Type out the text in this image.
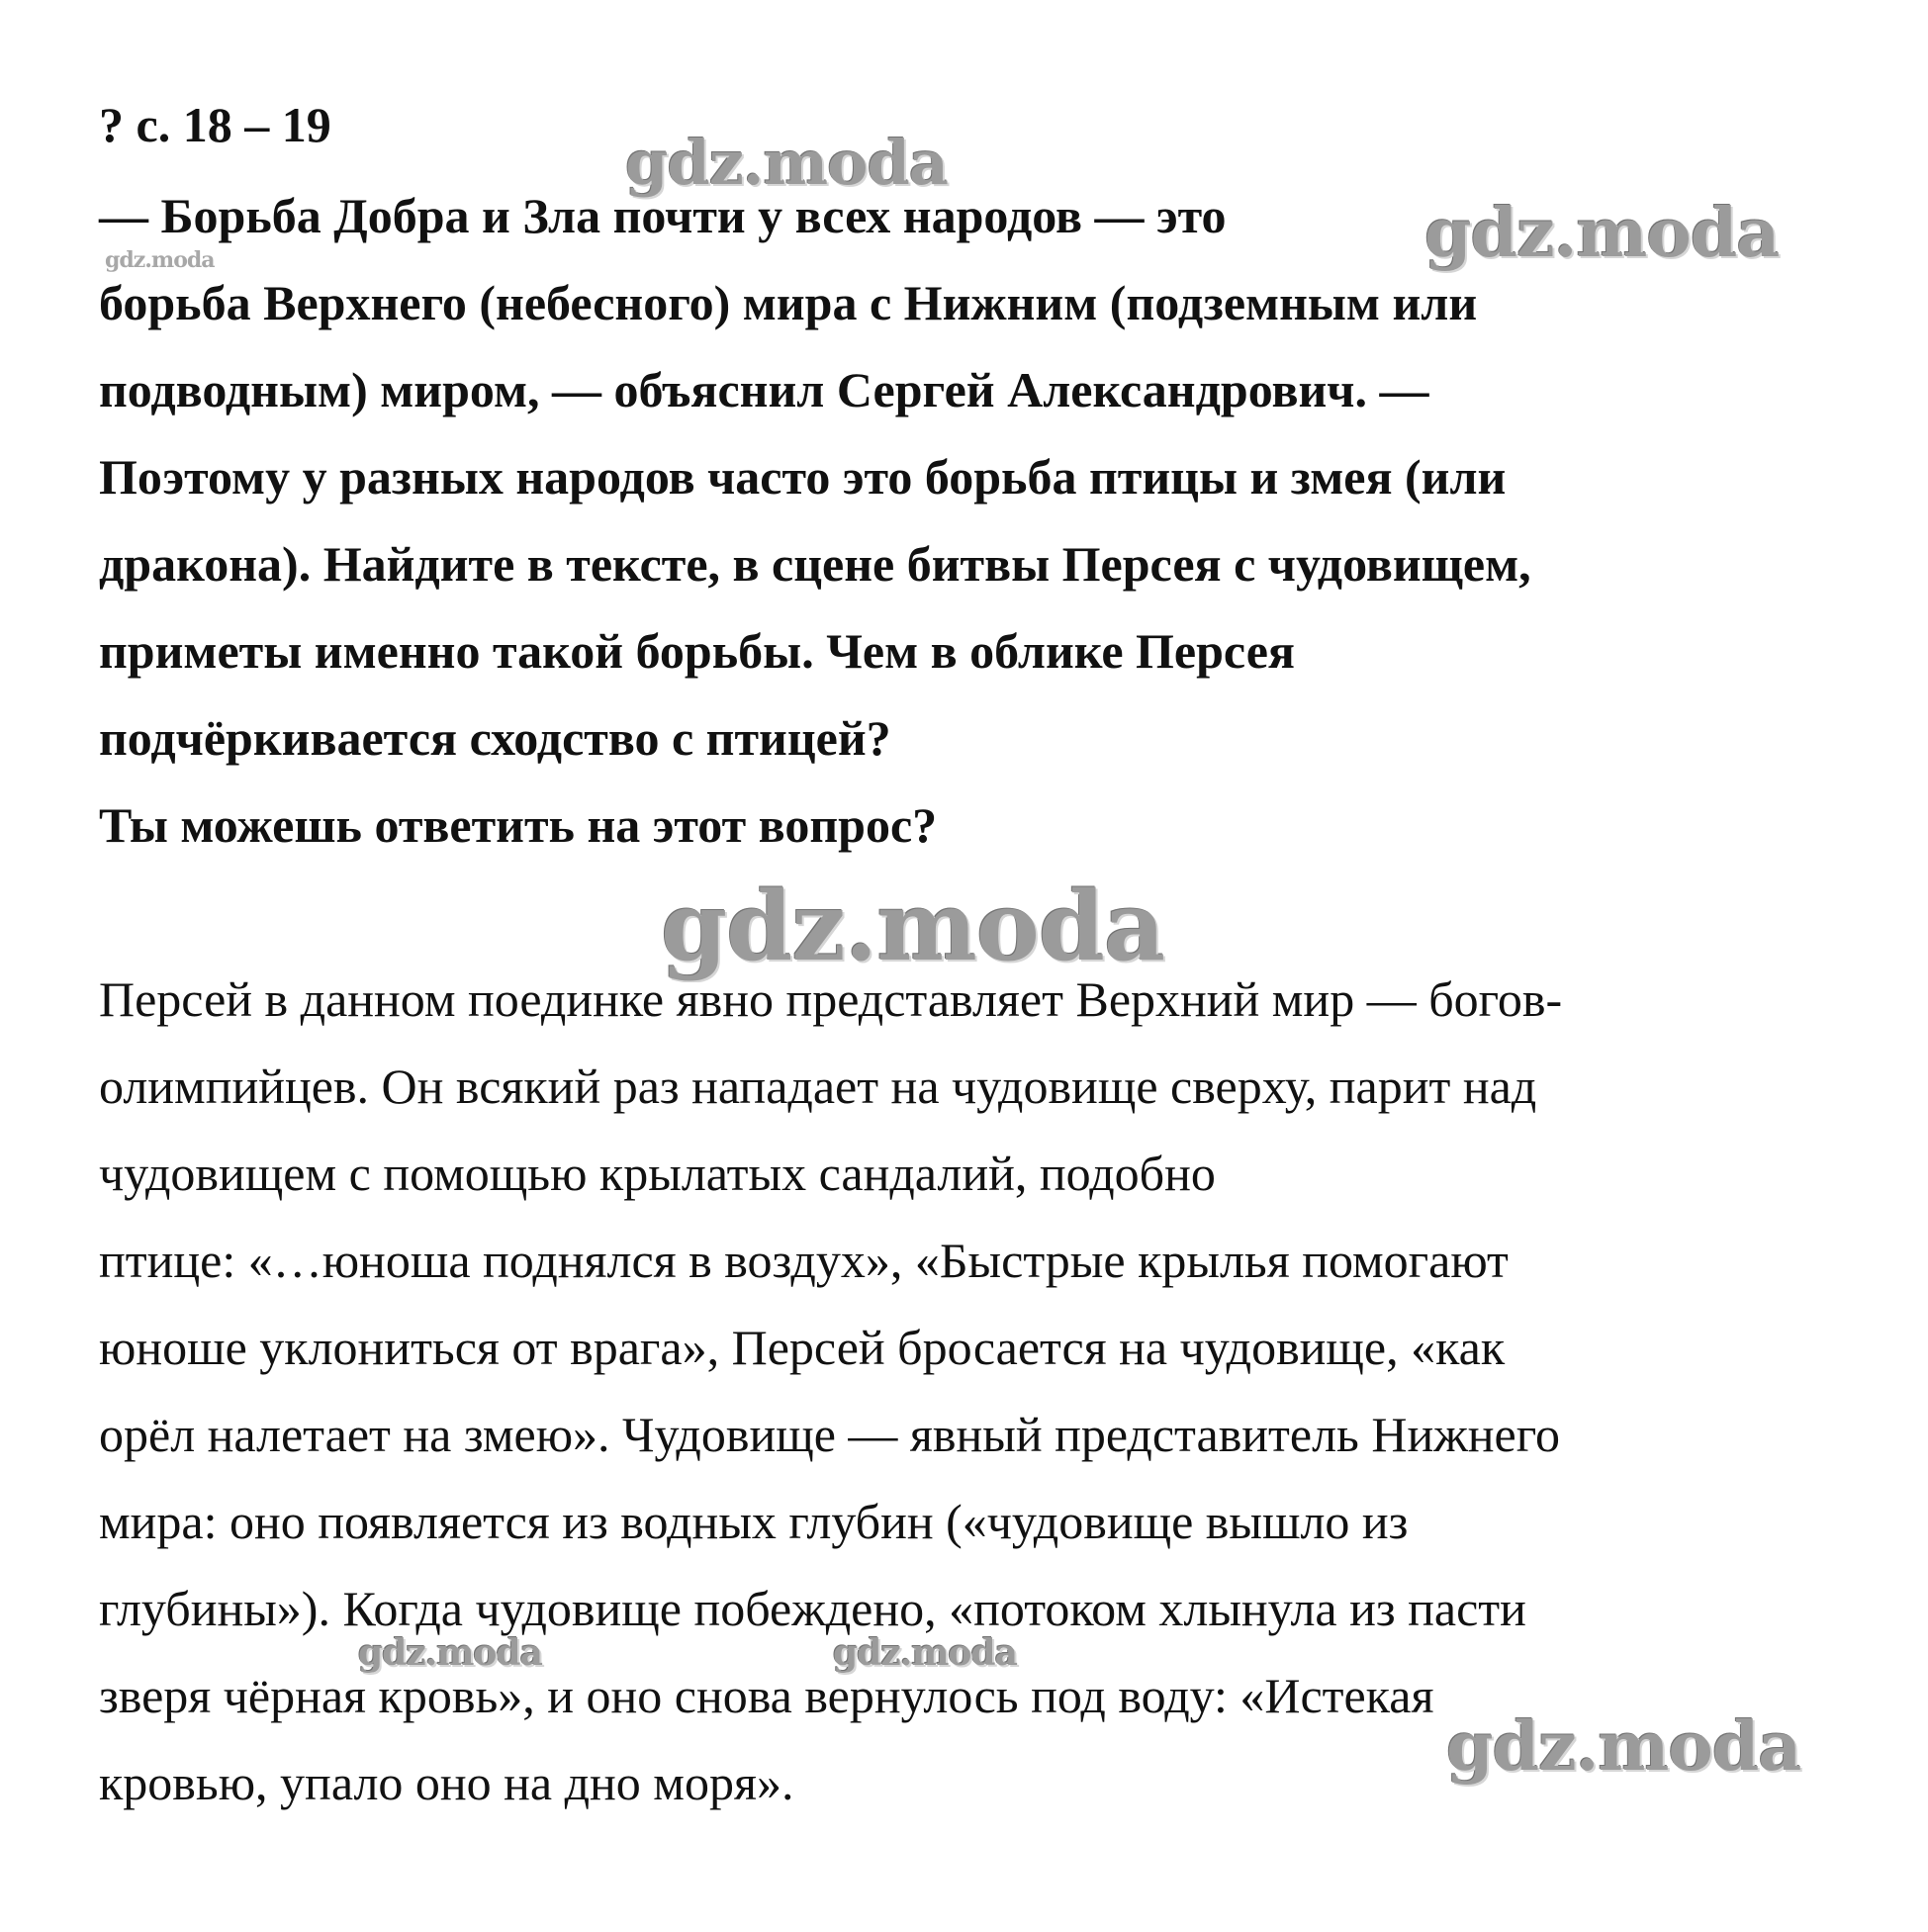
? с. 18 – 19
— Борьба Добра и Зла почти у всех народов — это
борьба Верхнего (небесного) мира с Нижним (подземным или
подводным) миром, — объяснил Сергей Александрович. —
Поэтому у разных народов часто это борьба птицы и змея (или
дракона). Найдите в тексте, в сцене битвы Персея с чудовищем,
приметы именно такой борьбы. Чем в облике Персея
подчёркивается сходство с птицей?
Ты можешь ответить на этот вопрос?
Персей в данном поединке явно представляет Верхний мир — богов-
олимпийцев. Он всякий раз нападает на чудовище сверху, парит над
чудовищем с помощью крылатых сандалий, подобно
птице: «…юноша поднялся в воздух», «Быстрые крылья помогают
юноше уклониться от врага», Персей бросается на чудовище, «как
орёл налетает на змею». Чудовище — явный представитель Нижнего
мира: оно появляется из водных глубин («чудовище вышло из
глубины»). Когда чудовище побеждено, «потоком хлынула из пасти
зверя чёрная кровь», и оно снова вернулось под воду: «Истекая
кровью, упало оно на дно моря».
gdz.moda
gdz.moda
gdz.moda
gdz.moda
gdz.moda	gdz.moda
gdz.moda
